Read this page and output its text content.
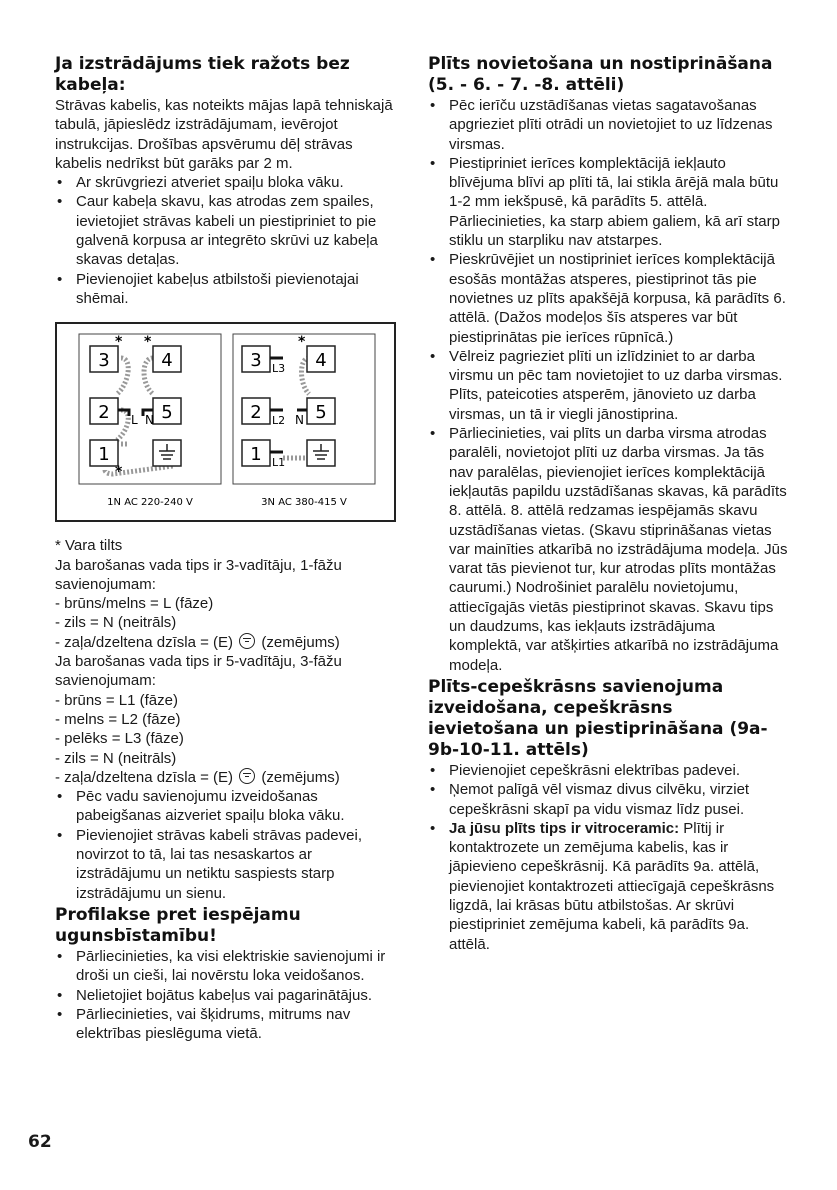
Ja izstrādājums tiek ražots bez kabeļa:

Strāvas kabelis, kas noteikts mājas lapā tehniskajā tabulā, jāpieslēdz izstrādājumam, ievērojot instrukcijas. Drošības apsvērumu dēļ strāvas kabelis nedrīkst būt garāks par 2 m.

• Ar skrūvgriezi atveriet spaiļu bloka vāku.
• Caur kabeļa skavu, kas atrodas zem spailes, ievietojiet strāvas kabeli un piestipriniet to pie galvenā korpusa ar integrēto skrūvi uz kabeļa skavas detaļas.
• Pievienojiet kabeļus atbilstoši pievienotajai shēmai.
3	4
2	5
1
L N
* *
*
1N AC 220-240 V
3	4
2	5
1
L3
L2
L1
N
*
3N AC 380-415 V

* Vara tilts

Ja barošanas vada tips ir 3-vadītāju, 1-fāžu savienojumam:

- brūns/melns = L (fāze)

- zils = N (neitrāls)

- zaļa/dzeltena dzīsla = (E) (zemējums)

Ja barošanas vada tips ir 5-vadītāju, 3-fāžu savienojumam:

- brūns = L1 (fāze)

- melns = L2 (fāze)

- pelēks = L3 (fāze)

- zils = N (neitrāls)

- zaļa/dzeltena dzīsla = (E) (zemējums)

• Pēc vadu savienojumu izveidošanas pabeigšanas aizveriet spaiļu bloka vāku.
• Pievienojiet strāvas kabeli strāvas padevei, novirzot to tā, lai tas nesaskartos ar izstrādājumu un netiktu saspiests starp izstrādājumu un sienu.
Profilakse pret iespējamu ugunsbīstamību!
• Pārliecinieties, ka visi elektriskie savienojumi ir droši un cieši, lai novērstu loka veidošanos.
• Nelietojiet bojātus kabeļus vai pagarinātājus.
• Pārliecinieties, vai šķidrums, mitrums nav elektrības pieslēguma vietā.
Plīts novietošana un nostiprināšana (5. - 6. - 7. -8. attēli)
• Pēc ierīču uzstādīšanas vietas sagatavošanas apgrieziet plīti otrādi un novietojiet to uz līdzenas virsmas.
• Piestipriniet ierīces komplektācijā iekļauto blīvējuma blīvi ap plīti tā, lai stikla ārējā mala būtu 1-2 mm iekšpusē, kā parādīts 5. attēlā. Pārliecinieties, ka starp abiem galiem, kā arī starp stiklu un starpliku nav atstarpes.
• Pieskrūvējiet un nostipriniet ierīces komplektācijā esošās montāžas atsperes, piestiprinot tās pie novietnes uz plīts apakšējā korpusa, kā parādīts 6. attēlā. (Dažos modeļos šīs atsperes var būt piestiprinātas pie ierīces rūpnīcā.)
• Vēlreiz pagrieziet plīti un izlīdziniet to ar darba virsmu un pēc tam novietojiet to uz darba virsmas. Plīts, pateicoties atsperēm, jānovieto uz darba virsmas, un tā ir viegli jānostiprina.
• Pārliecinieties, vai plīts un darba virsma atrodas paralēli, novietojot plīti uz darba virsmas. Ja tās nav paralēlas, pievienojiet ierīces komplektācijā iekļautās papildu uzstādīšanas skavas, kā parādīts 8. attēlā. 8. attēlā redzamas iespējamās skavu uzstādīšanas vietas. (Skavu stiprināšanas vietas var mainīties atkarībā no izstrādājuma modeļa. Jūs varat tās pievienot tur, kur atrodas plīts montāžas caurumi.) Nodrošiniet paralēlu novietojumu, attiecīgajās vietās piestiprinot skavas. Skavu tips un daudzums, kas iekļauts izstrādājuma komplektā, var atšķirties atkarībā no izstrādājuma modeļa.
Plīts-cepeškrāsns savienojuma izveidošana, cepeškrāsns ievietošana un piestiprināšana (9a-9b-10-11. attēls)
• Pievienojiet cepeškrāsni elektrības padevei.
• Ņemot palīgā vēl vismaz divus cilvēku, virziet cepeškrāsni skapī pa vidu vismaz līdz pusei.
• Ja jūsu plīts tips ir vitroceramic: Plītij ir kontaktrozete un zemējuma kabelis, kas ir jāpievieno cepeškrāsnij. Kā parādīts 9a. attēlā, pievienojiet kontaktrozeti attiecīgajā cepeškrāsns ligzdā, lai krāsas būtu atbilstošas. Ar skrūvi piestipriniet zemējuma kabeli, kā parādīts 9a. attēlā.
62
